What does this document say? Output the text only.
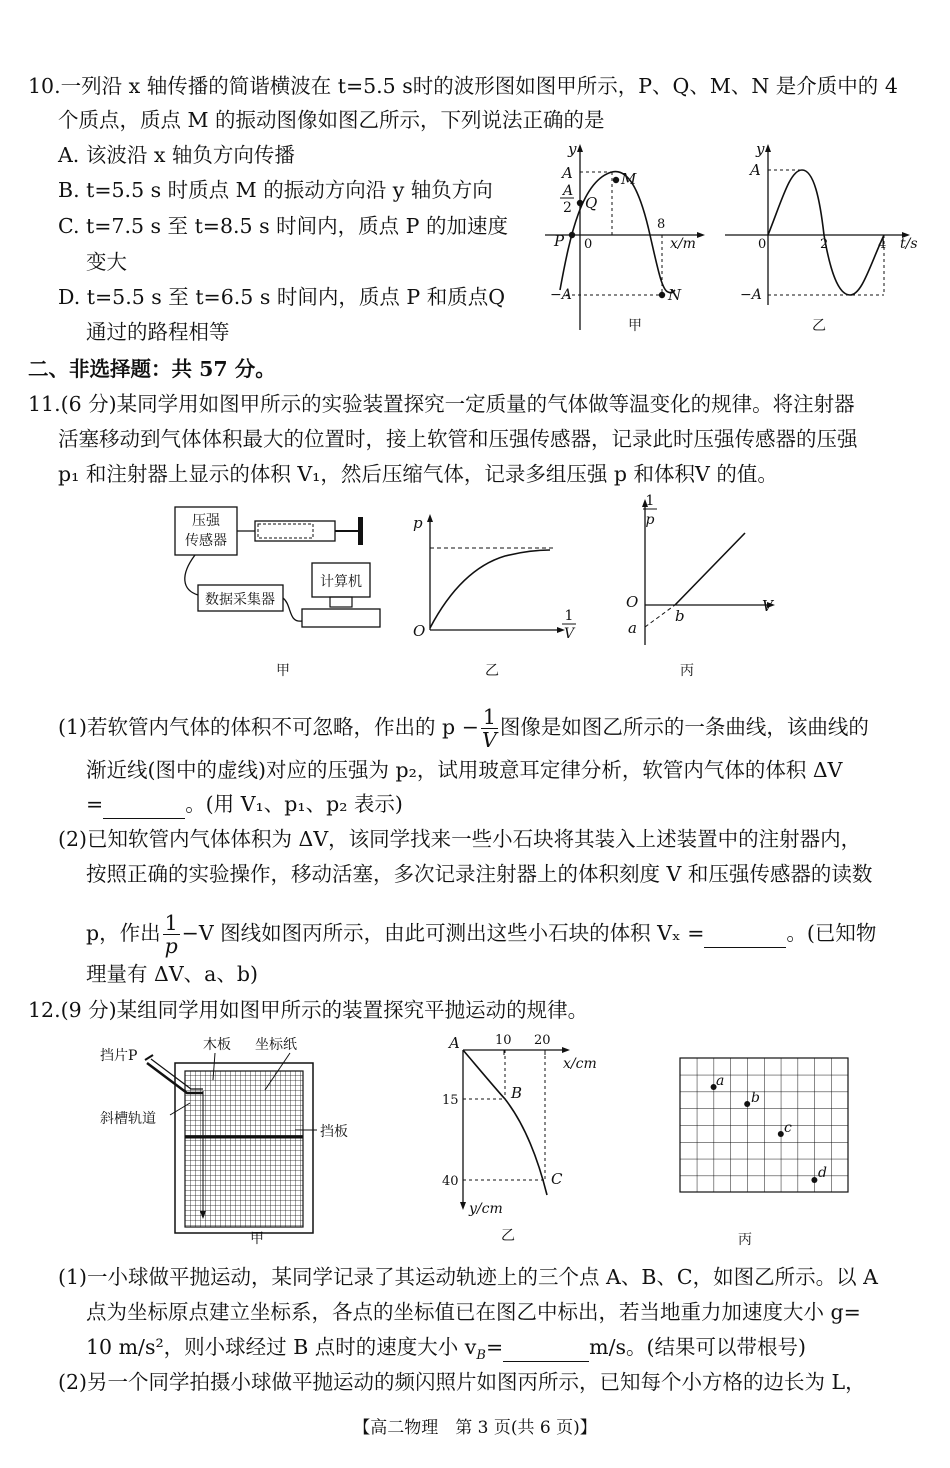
10.一列沿 x 轴传播的简谐横波在 t=5.5 s时的波形图如图甲所示，P、Q、M、N 是介质中的 4
个质点，质点 M 的振动图像如图乙所示，下列说法正确的是
A. 该波沿 x 轴负方向传播
B. t=5.5 s 时质点 M 的振动方向沿 y 轴负方向
C. t=7.5 s 至 t=8.5 s 时间内，质点 P 的加速度
变大
D. t=5.5 s 至 t=6.5 s 时间内，质点 P 和质点Q
通过的路程相等
y
A
A
2 Q
M
P 0
8
x/m
−A	N
甲
y
A
0	2	4 t/s
−A
乙
二、非选择题：共 57 分。
11.(6 分)某同学用如图甲所示的实验装置探究一定质量的气体做等温变化的规律。将注射器
活塞移动到气体体积最大的位置时，接上软管和压强传感器，记录此时压强传感器的压强
p₁ 和注射器上显示的体积 V₁，然后压缩气体，记录多组压强 p 和体积V 的值。
压强
传感器
数据采集器
计算机
甲
p
O
1
V
乙
1
p
O
b
a
V
丙
(1)若软管内气体的体积不可忽略，作出的 $p - \frac{1}{V}$ 图像是如图乙所示的一条曲线，该曲线的
渐近线(图中的虚线)对应的压强为 p₂，试用玻意耳定律分析，软管内气体的体积 ΔV
=	。(用 V₁、p₁、p₂ 表示)
(2)已知软管内气体体积为 ΔV，该同学找来一些小石块将其装入上述装置中的注射器内，
按照正确的实验操作，移动活塞，多次记录注射器上的体积刻度 V 和压强传感器的读数
p，作出 $\frac{1}{p} -V$ 图线如图丙所示，由此可测出这些小石块的体积 Vₓ =	。(已知物
理量有 ΔV、a、b)
12.(9 分)某组同学用如图甲所示的装置探究平抛运动的规律。
挡片P
木板 坐标纸
斜槽轨道
挡板
甲
A	10 20
x/cm
15	B
40	C
y/cm
乙
a
b
c
d
丙
(1)一小球做平抛运动，某同学记录了其运动轨迹上的三个点 A、B、C，如图乙所示。以 A
点为坐标原点建立坐标系，各点的坐标值已在图乙中标出，若当地重力加速度大小 g=
10 m/s²，则小球经过 B 点时的速度大小 $v_B=$	m/s。(结果可以带根号)
(2)另一个同学拍摄小球做平抛运动的频闪照片如图丙所示，已知每个小方格的边长为 L，
【高二物理　第 3 页(共 6 页)】
